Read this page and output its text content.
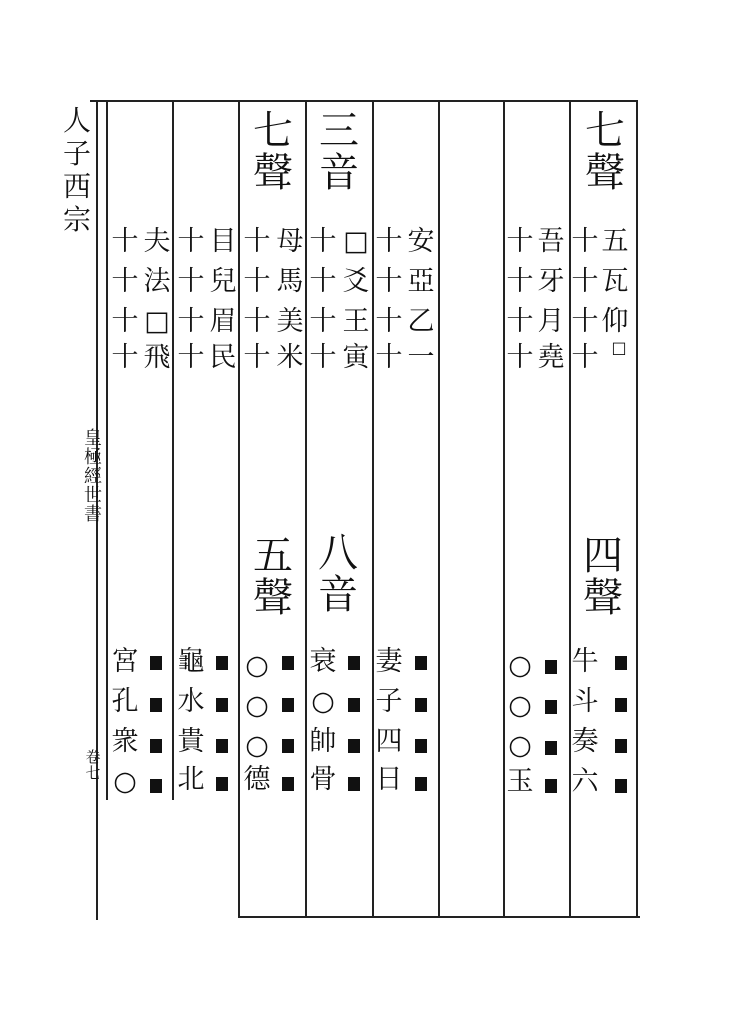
人
子
西
宗
皇
極
經
世
書
卷
七
七
聲
五
瓦
仰
□
十
十
十
十
四
聲
牛
斗
奏
六
吾
牙
月
堯
十
十
十
十
○
○
○
玉
安
亞
乙
一
十
十
十
十
妻
子
四
日
三
音
□
爻
王
寅
十
十
十
十
八
音
衰
○
帥
骨
七
聲
母
馬
美
米
十
十
十
十
五
聲
○
○
○
德
目
兒
眉
民
十
十
十
十
龜
水
貴
北
夫
法
□
飛
十
十
十
十
宮
孔
衆
○
